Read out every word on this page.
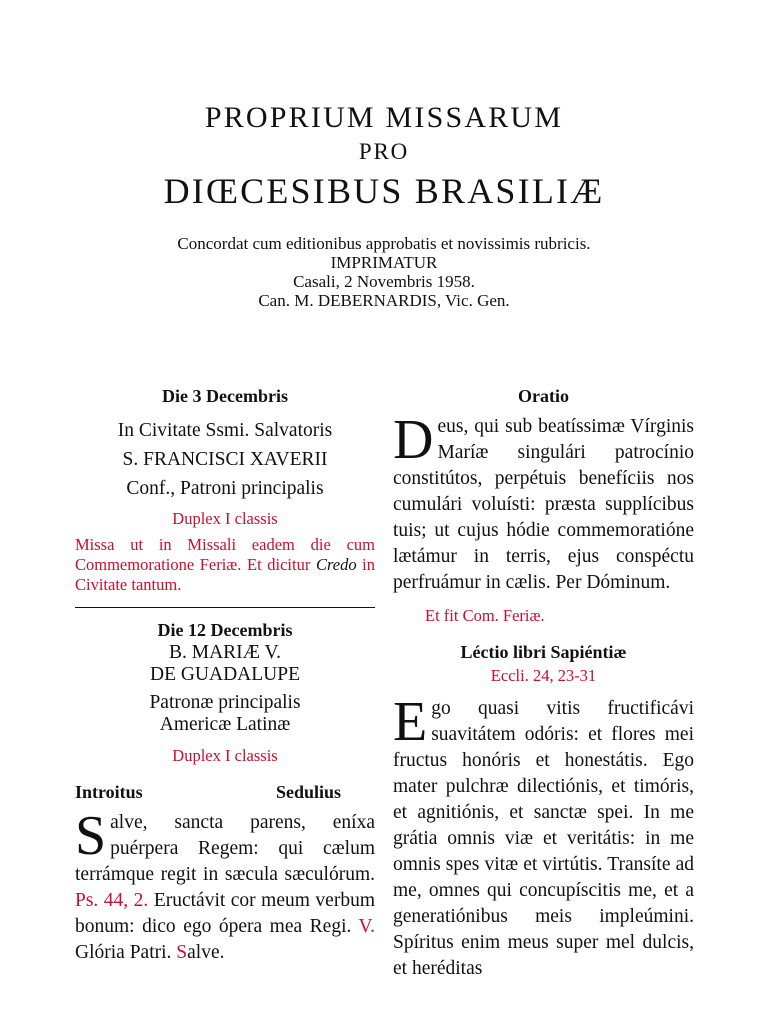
PROPRIUM MISSARUM
PRO
DIŒCESIBUS BRASILIÆ
Concordat cum editionibus approbatis et novissimis rubricis.
IMPRIMATUR
Casali, 2 Novembris 1958.
Can. M. DEBERNARDIS, Vic. Gen.
Die 3 Decembris
In Civitate Ssmi. Salvatoris
S. FRANCISCI XAVERII
Conf., Patroni principalis
Duplex I classis
Missa ut in Missali eadem die cum Commemoratione Feriæ. Et dicitur Credo in Civitate tantum.
Die 12 Decembris
B. MARIÆ V.
DE GUADALUPE
Patronæ principalis
Americæ Latinæ
Duplex I classis
Introitus	Sedulius
Salve, sancta parens, eníxa puérpera Regem: qui cælum terrámque regit in sæcula sæculórum. Ps. 44, 2. Eructávit cor meum verbum bonum: dico ego ópera mea Regi. V. Glória Patri. Salve.
Oratio
Deus, qui sub beatíssimæ Vírginis Maríæ singulári patrocínio constitútos, perpétuis benefíciis nos cumulári voluísti: præsta supplícibus tuis; ut cujus hódie commemoratióne lætámur in terris, ejus conspéctu perfruámur in cælis. Per Dóminum.
Et fit Com. Feriæ.
Léctio libri Sapiéntiæ
Eccli. 24, 23-31
Ego quasi vitis fructificávi suavitátem odóris: et flores mei fructus honóris et honestátis. Ego mater pulchræ dilectiónis, et timóris, et agnitiónis, et sanctæ spei. In me grátia omnis viæ et veritátis: in me omnis spes vitæ et virtútis. Transíte ad me, omnes qui concupíscitis me, et a generatiónibus meis impleúmini. Spíritus enim meus super mel dulcis, et heréditas
